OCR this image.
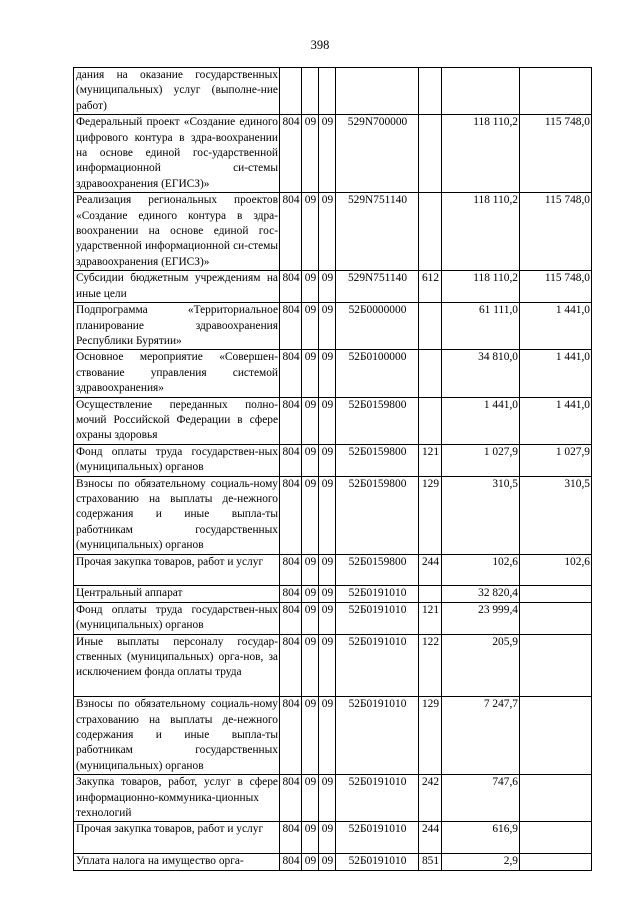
398
дания на оказание государственных (муниципальных) услуг (выполне-ние работ)							
Федеральный проект «Создание единого цифрового контура в здра-воохранении на основе единой гос-ударственной информационной си-стемы здравоохранения (ЕГИСЗ)»	804	09	09	529N700000		118 110,2	115 748,0
Реализация региональных проектов «Создание единого контура в здра-воохранении на основе единой гос-ударственной информационной си-стемы здравоохранения (ЕГИСЗ)»	804	09	09	529N751140		118 110,2	115 748,0
Субсидии бюджетным учреждениям на иные цели	804	09	09	529N751140	612	118 110,2	115 748,0
Подпрограмма «Территориальное планирование здравоохранения Республики Бурятии»	804	09	09	52Б0000000		61 111,0	1 441,0
Основное мероприятие «Совершен-ствование управления системой здравоохранения»	804	09	09	52Б0100000		34 810,0	1 441,0
Осуществление переданных полно-мочий Российской Федерации в сфере охраны здоровья	804	09	09	52Б0159800		1 441,0	1 441,0
Фонд оплаты труда государствен-ных (муниципальных) органов	804	09	09	52Б0159800	121	1 027,9	1 027,9
Взносы по обязательному социаль-ному страхованию на выплаты де-нежного содержания и иные выпла-ты работникам государственных (муниципальных) органов	804	09	09	52Б0159800	129	310,5	310,5
Прочая закупка товаров, работ и услуг	804	09	09	52Б0159800	244	102,6	102,6
Центральный аппарат	804	09	09	52Б0191010		32 820,4	
Фонд оплаты труда государствен-ных (муниципальных) органов	804	09	09	52Б0191010	121	23 999,4	
Иные выплаты персоналу государ-ственных (муниципальных) орга-нов, за исключением фонда оплаты труда	804	09	09	52Б0191010	122	205,9	
Взносы по обязательному социаль-ному страхованию на выплаты де-нежного содержания и иные выпла-ты работникам государственных (муниципальных) органов	804	09	09	52Б0191010	129	7 247,7	
Закупка товаров, работ, услуг в сфере информационно-коммуника-ционных технологий	804	09	09	52Б0191010	242	747,6	
Прочая закупка товаров, работ и услуг	804	09	09	52Б0191010	244	616,9	
Уплата налога на имущество орга-	804	09	09	52Б0191010	851	2,9	
